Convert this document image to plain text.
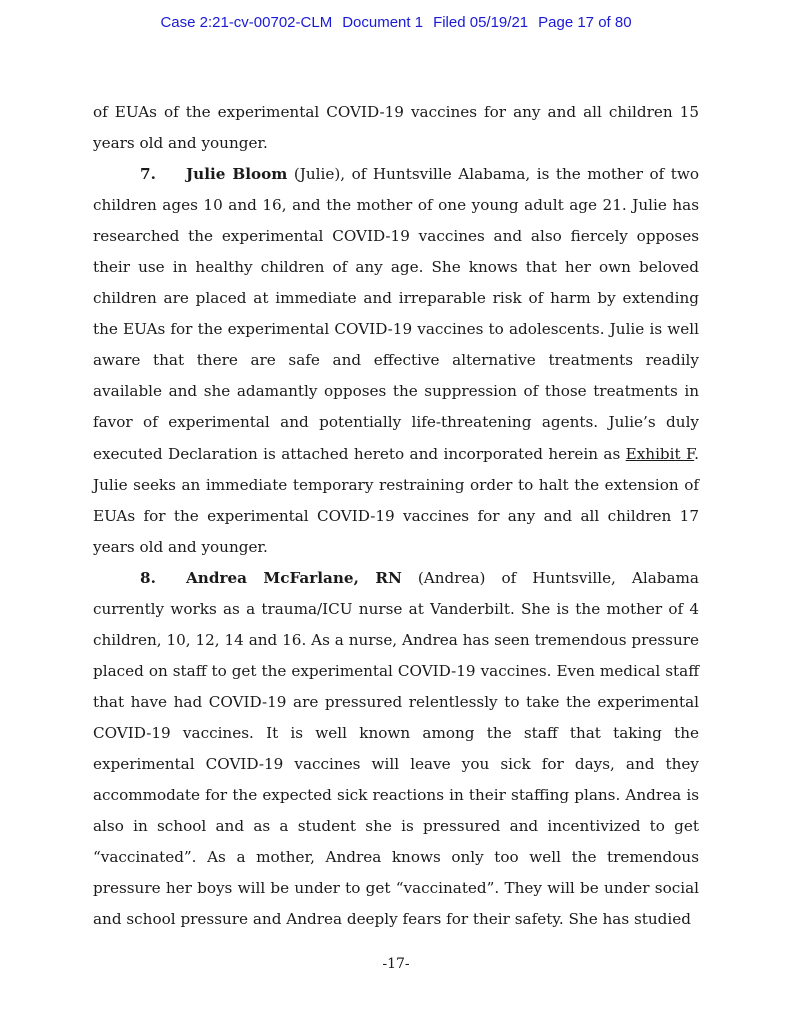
Case 2:21-cv-00702-CLM Document 1 Filed 05/19/21 Page 17 of 80

of EUAs of the experimental COVID-19 vaccines for any and all children 15 years old and younger.

7. Julie Bloom (Julie), of Huntsville Alabama, is the mother of two children ages 10 and 16, and the mother of one young adult age 21. Julie has researched the experimental COVID-19 vaccines and also fiercely opposes their use in healthy children of any age. She knows that her own beloved children are placed at immediate and irreparable risk of harm by extending the EUAs for the experimental COVID-19 vaccines to adolescents. Julie is well aware that there are safe and effective alternative treatments readily available and she adamantly opposes the suppression of those treatments in favor of experimental and potentially life-threatening agents. Julie’s duly executed Declaration is attached hereto and incorporated herein as Exhibit F. Julie seeks an immediate temporary restraining order to halt the extension of EUAs for the experimental COVID-19 vaccines for any and all children 17 years old and younger.

8. Andrea McFarlane, RN (Andrea) of Huntsville, Alabama currently works as a trauma/ICU nurse at Vanderbilt. She is the mother of 4 children, 10, 12, 14 and 16. As a nurse, Andrea has seen tremendous pressure placed on staff to get the experimental COVID-19 vaccines. Even medical staff that have had COVID-19 are pressured relentlessly to take the experimental COVID-19 vaccines. It is well known among the staff that taking the experimental COVID-19 vaccines will leave you sick for days, and they accommodate for the expected sick reactions in their staffing plans. Andrea is also in school and as a student she is pressured and incentivized to get “vaccinated”. As a mother, Andrea knows only too well the tremendous pressure her boys will be under to get “vaccinated”. They will be under social and school pressure and Andrea deeply fears for their safety. She has studied

-17-
